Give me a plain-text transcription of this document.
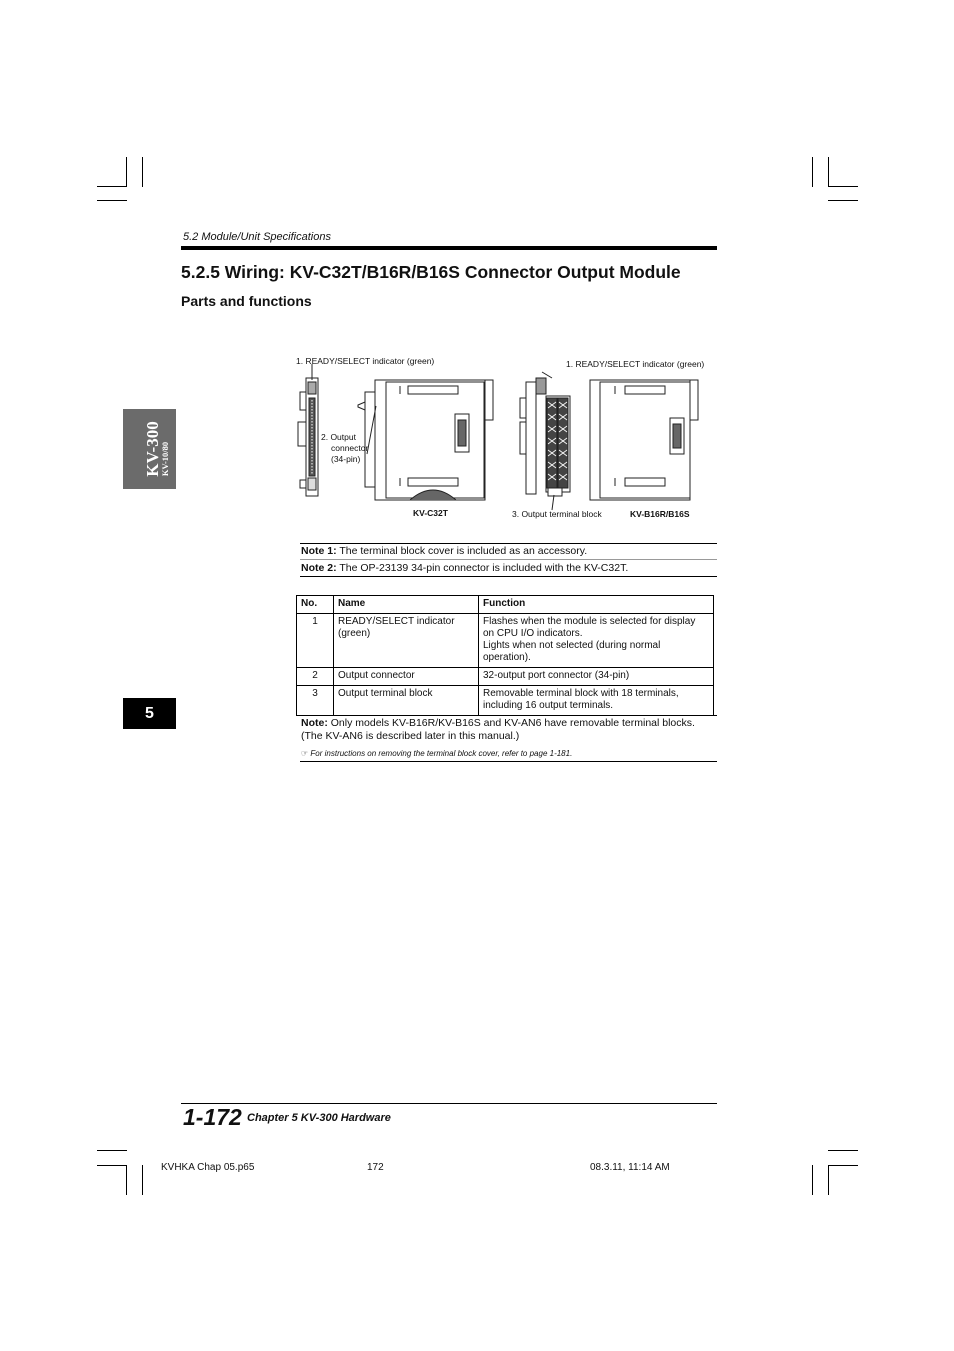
5.2 Module/Unit Specifications
5.2.5 Wiring: KV-C32T/B16R/B16S Connector Output Module
Parts and functions
KV-300
KV-10/80
5
1. READY/SELECT indicator (green)
2. Output
connector
(34-pin)
KV-C32T
1. READY/SELECT indicator (green)
3. Output terminal block	KV-B16R/B16S
Note 1: The terminal block cover is included as an accessory.
Note 2: The OP-23139 34-pin connector is included with the KV-C32T.
No.	Name	Function
1	READY/SELECT indicator (green)	Flashes when the module is selected for display on CPU I/O indicators.
Lights when not selected (during normal operation).

2	Output connector	32-output port connector (34-pin)
3	Output terminal block	Removable terminal block with 18 terminals, including 16 output terminals.
Note: Only models KV-B16R/KV-B16S and KV-AN6 have removable terminal blocks. (The KV-AN6 is described later in this manual.)
☞ For instructions on removing the terminal block cover, refer to page 1-181.
1-172 Chapter 5 KV-300 Hardware
KVHKA Chap 05.p65	172	08.3.11, 11:14 AM
